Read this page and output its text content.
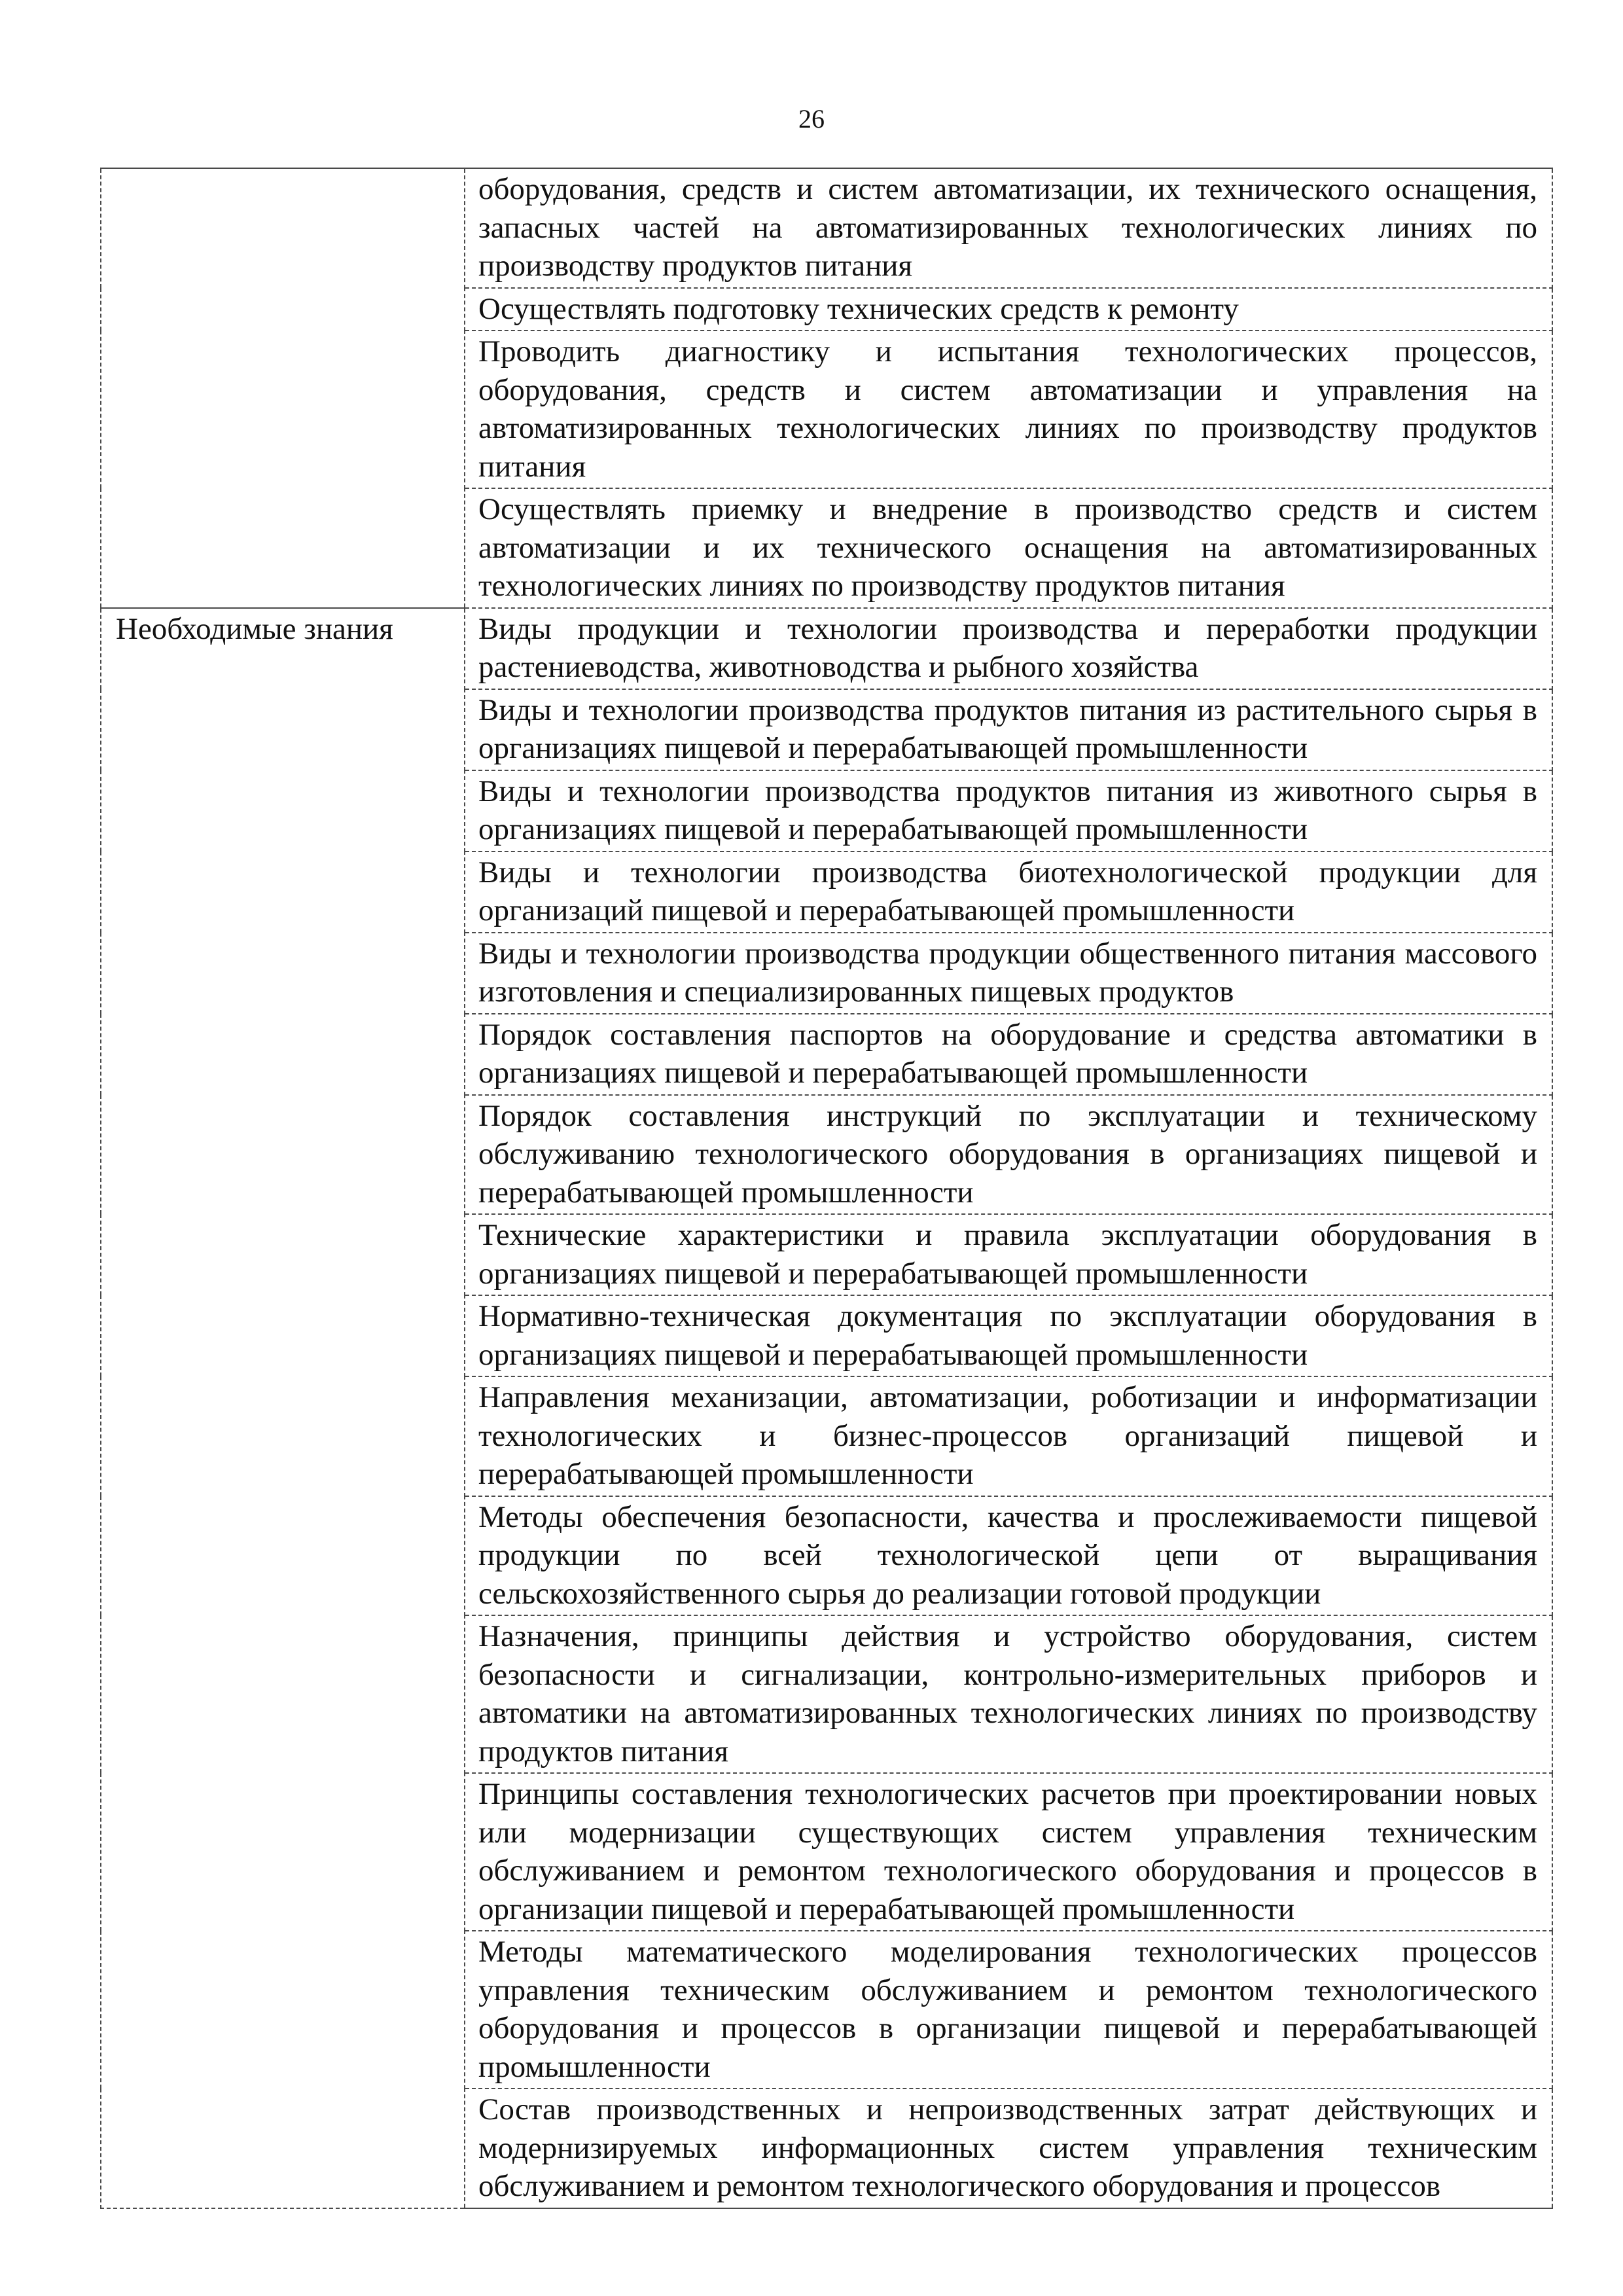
26
	оборудования, средств и систем автоматизации, их технического оснащения, запасных частей на автоматизированных технологических линиях по производству продуктов питания
	Осуществлять подготовку технических средств к ремонту
	Проводить диагностику и испытания технологических процессов, оборудования, средств и систем автоматизации и управления на автоматизированных технологических линиях по производству продуктов питания
	Осуществлять приемку и внедрение в производство средств и систем автоматизации и их технического оснащения на автоматизированных технологических линиях по производству продуктов питания
Необходимые знания	Виды продукции и технологии производства и переработки продукции растениеводства, животноводства и рыбного хозяйства
	Виды и технологии производства продуктов питания из растительного сырья в организациях пищевой и перерабатывающей промышленности
	Виды и технологии производства продуктов питания из животного сырья в организациях пищевой и перерабатывающей промышленности
	Виды и технологии производства биотехнологической продукции для организаций пищевой и перерабатывающей промышленности
	Виды и технологии производства продукции общественного питания массового изготовления и специализированных пищевых продуктов
	Порядок составления паспортов на оборудование и средства автоматики в организациях пищевой и перерабатывающей промышленности
	Порядок составления инструкций по эксплуатации и техническому обслуживанию технологического оборудования в организациях пищевой и перерабатывающей промышленности
	Технические характеристики и правила эксплуатации оборудования в организациях пищевой и перерабатывающей промышленности
	Нормативно-техническая документация по эксплуатации оборудования в организациях пищевой и перерабатывающей промышленности
	Направления механизации, автоматизации, роботизации и информатизации технологических и бизнес-процессов организаций пищевой и перерабатывающей промышленности
	Методы обеспечения безопасности, качества и прослеживаемости пищевой продукции по всей технологической цепи от выращивания сельскохозяйственного сырья до реализации готовой продукции
	Назначения, принципы действия и устройство оборудования, систем безопасности и сигнализации, контрольно-измерительных приборов и автоматики на автоматизированных технологических линиях по производству продуктов питания
	Принципы составления технологических расчетов при проектировании новых или модернизации существующих систем управления техническим обслуживанием и ремонтом технологического оборудования и процессов в организации пищевой и перерабатывающей промышленности
	Методы математического моделирования технологических процессов управления техническим обслуживанием и ремонтом технологического оборудования и процессов в организации пищевой и перерабатывающей промышленности
	Состав производственных и непроизводственных затрат действующих и модернизируемых информационных систем управления техническим обслуживанием и ремонтом технологического оборудования и процессов
